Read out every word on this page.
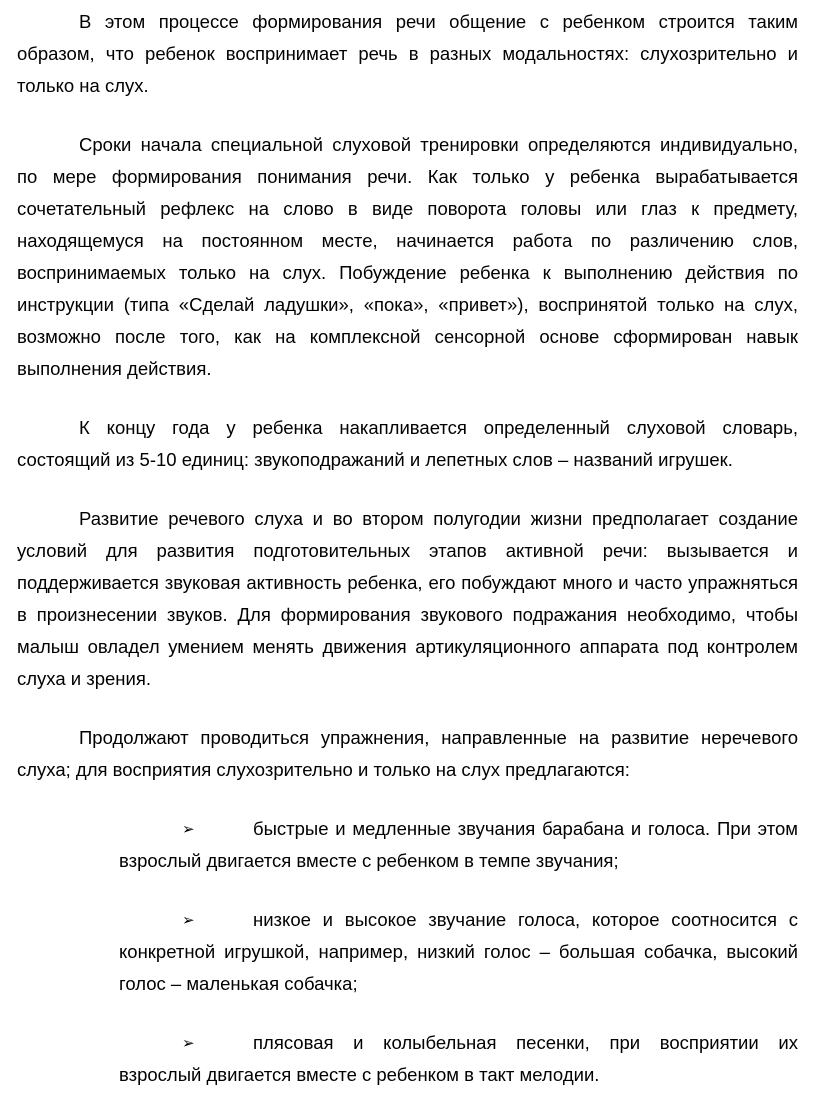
В этом процессе формирования речи общение с ребенком строится таким образом, что ребенок воспринимает речь в разных модальностях: слухозрительно и только на слух.

Сроки начала специальной слуховой тренировки определяются индивидуально, по мере формирования понимания речи. Как только у ребенка вырабатывается сочетательный рефлекс на слово в виде поворота головы или глаз к предмету, находящемуся на постоянном месте, начинается работа по различению слов, воспринимаемых только на слух. Побуждение ребенка к выполнению действия по инструкции (типа «Сделай ладушки», «пока», «привет»), воспринятой только на слух, возможно после того, как на комплексной сенсорной основе сформирован навык выполнения действия.

К концу года у ребенка накапливается определенный слуховой словарь, состоящий из 5-10 единиц: звукоподражаний и лепетных слов – названий игрушек.

Развитие речевого слуха и во втором полугодии жизни предполагает создание условий для развития подготовительных этапов активной речи: вызывается и поддерживается звуковая активность ребенка, его побуждают много и часто упражняться в произнесении звуков. Для формирования звукового подражания необходимо, чтобы малыш овладел умением менять движения артикуляционного аппарата под контролем слуха и зрения.

Продолжают проводиться упражнения, направленные на развитие неречевого слуха; для восприятия слухозрительно и только на слух предлагаются:

➢	быстрые и медленные звучания барабана и голоса. При этом взрослый двигается вместе с ребенком в темпе звучания;
➢	низкое и высокое звучание голоса, которое соотносится с конкретной игрушкой, например, низкий голос – большая собачка, высокий голос – маленькая собачка;
➢	плясовая и колыбельная песенки, при восприятии их взрослый двигается вместе с ребенком в такт мелодии.
